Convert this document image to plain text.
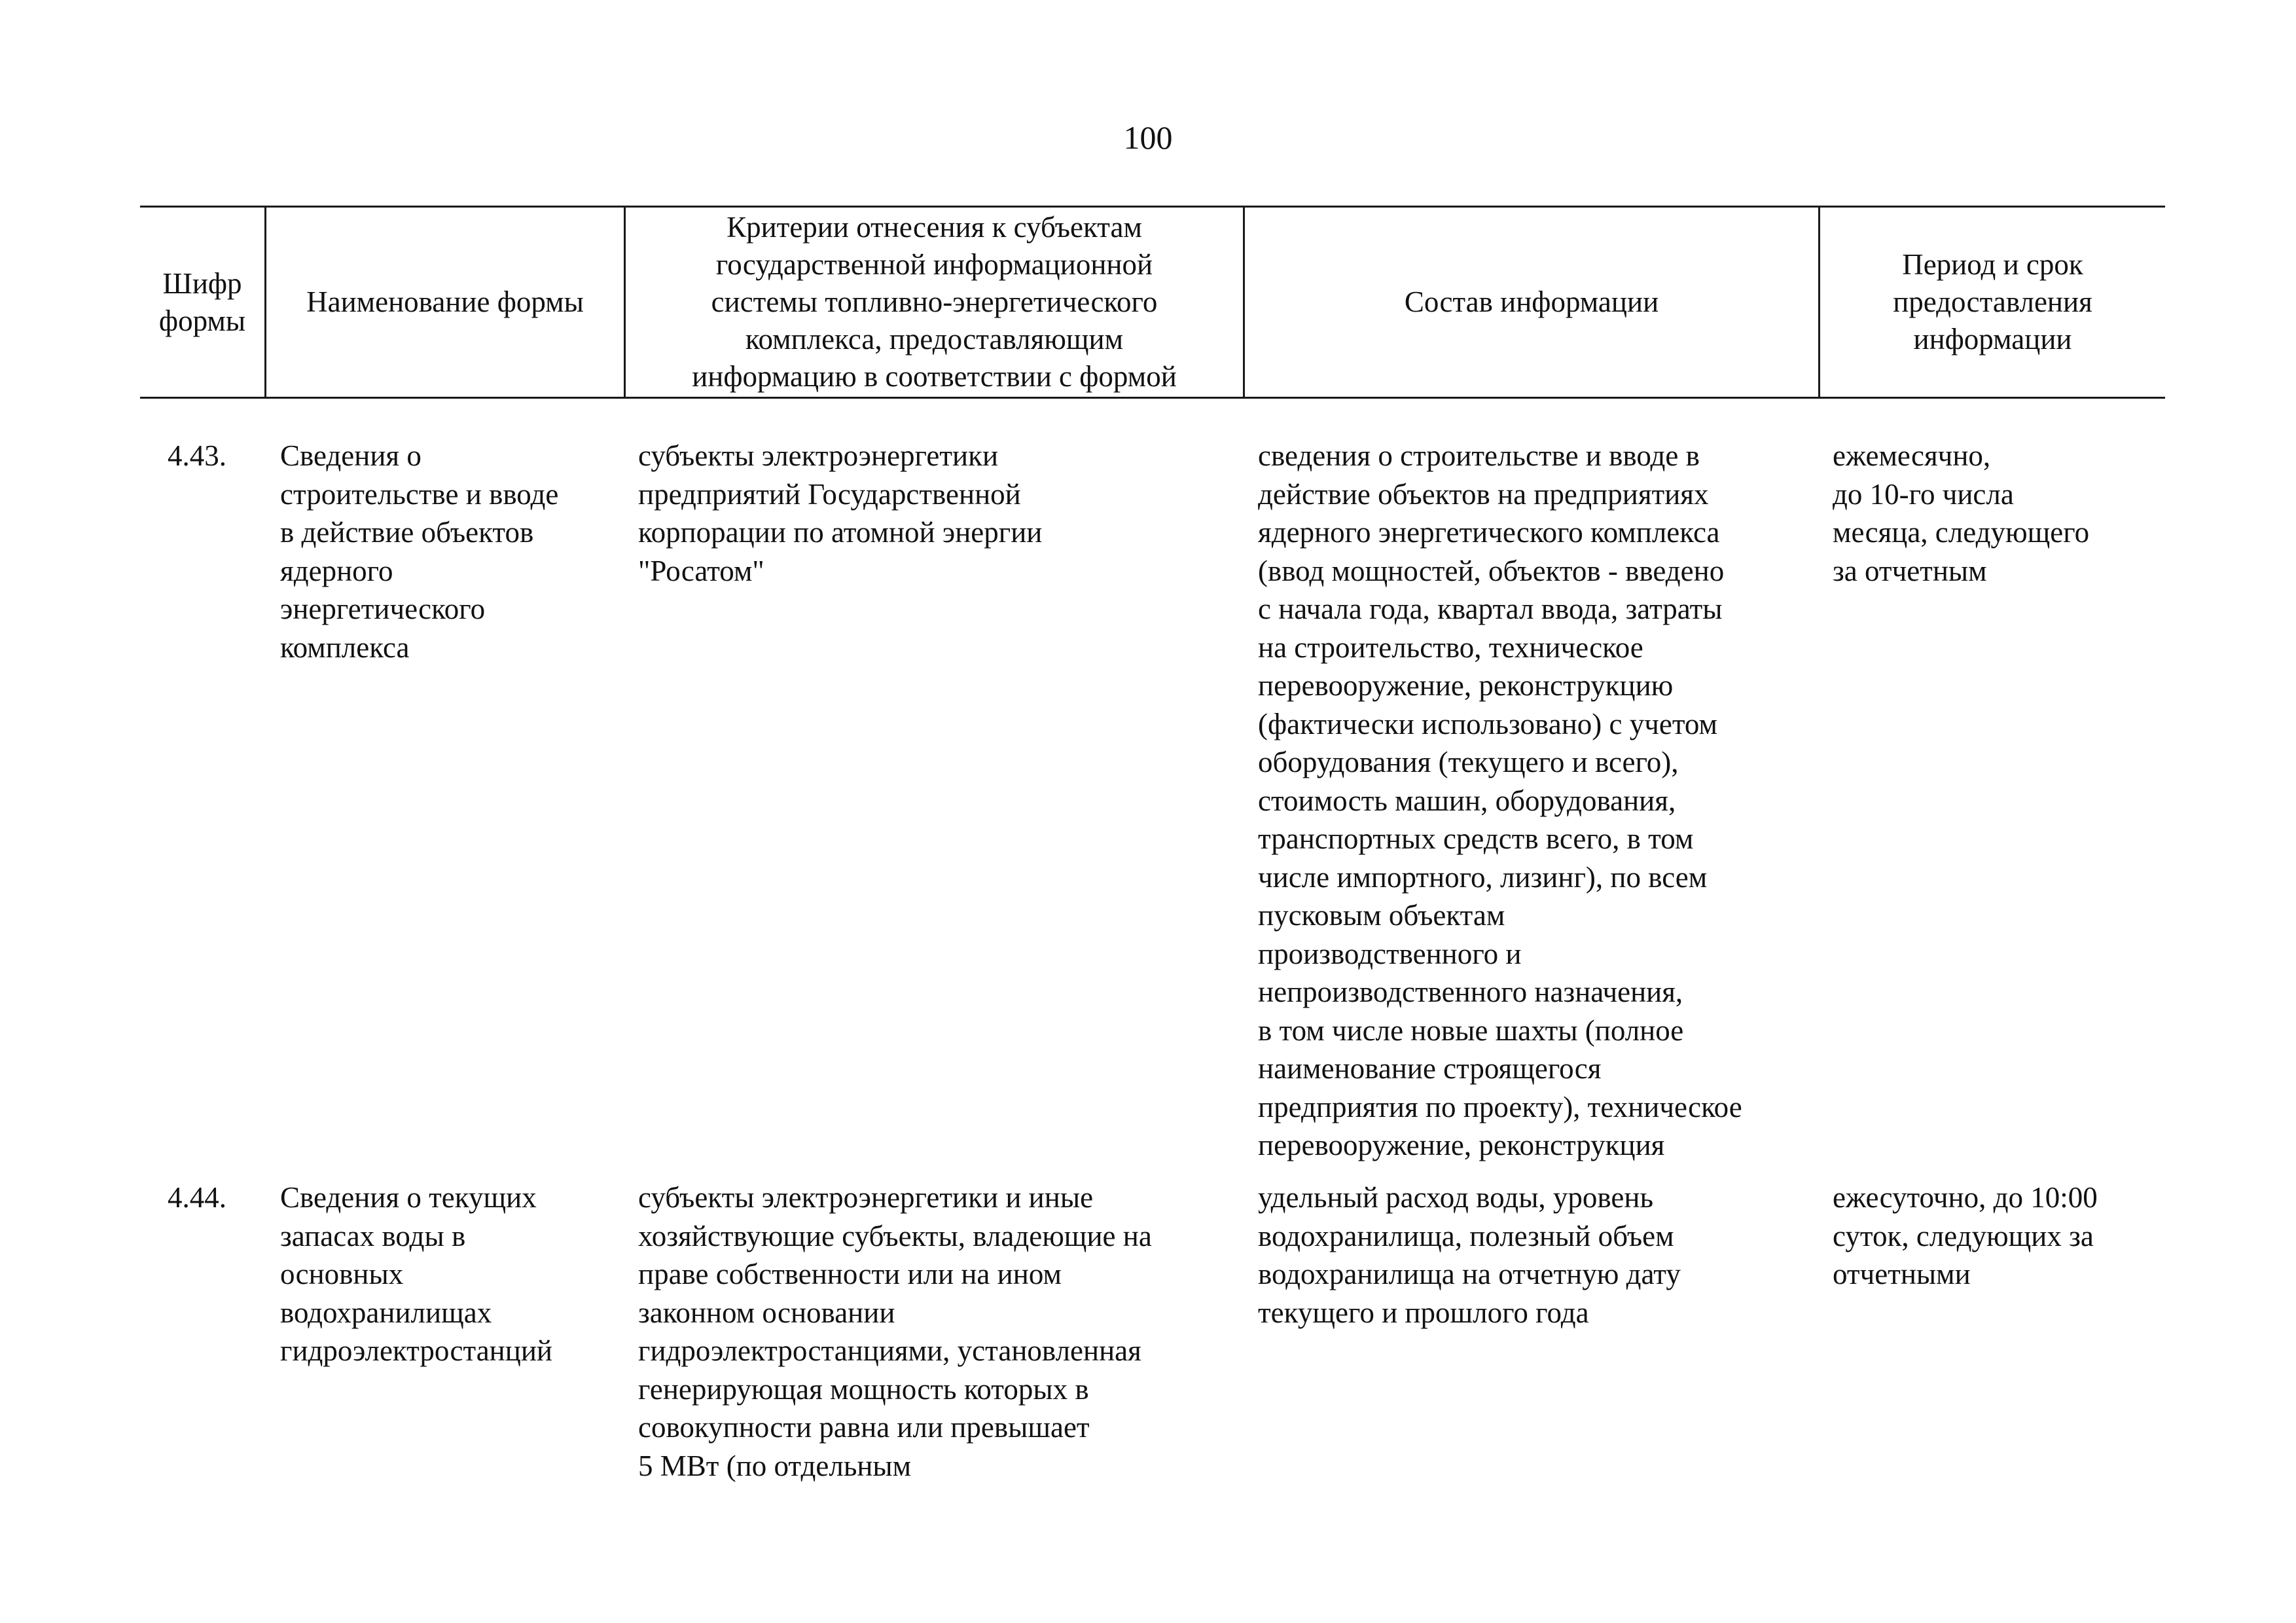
100
Шифр
формы
Наименование формы
Критерии отнесения к субъектам
государственной информационной
системы топливно-энергетического
комплекса, предоставляющим
информацию в соответствии с формой
Состав информации
Период и срок
предоставления
информации
4.43. Сведения о
строительстве и вводе
в действие объектов
ядерного
энергетического
комплекса
субъекты электроэнергетики
предприятий Государственной
корпорации по атомной энергии
"Росатом"
сведения о строительстве и вводе в
действие объектов на предприятиях
ядерного энергетического комплекса
(ввод мощностей, объектов - введено
с начала года, квартал ввода, затраты
на строительство, техническое
перевооружение, реконструкцию
(фактически использовано) с учетом
оборудования (текущего и всего),
стоимость машин, оборудования,
транспортных средств всего, в том
числе импортного, лизинг), по всем
пусковым объектам
производственного и
непроизводственного назначения,
в том числе новые шахты (полное
наименование строящегося
предприятия по проекту), техническое
перевооружение, реконструкция
ежемесячно,
до 10-го числа
месяца, следующего
за отчетным
4.44. Сведения о текущих
запасах воды в
основных
водохранилищах
гидроэлектростанций
субъекты электроэнергетики и иные
хозяйствующие субъекты, владеющие на
праве собственности или на ином
законном основании
гидроэлектростанциями, установленная
генерирующая мощность которых в
совокупности равна или превышает
5 МВт (по отдельным
удельный расход воды, уровень
водохранилища, полезный объем
водохранилища на отчетную дату
текущего и прошлого года
ежесуточно, до 10:00
суток, следующих за
отчетными
